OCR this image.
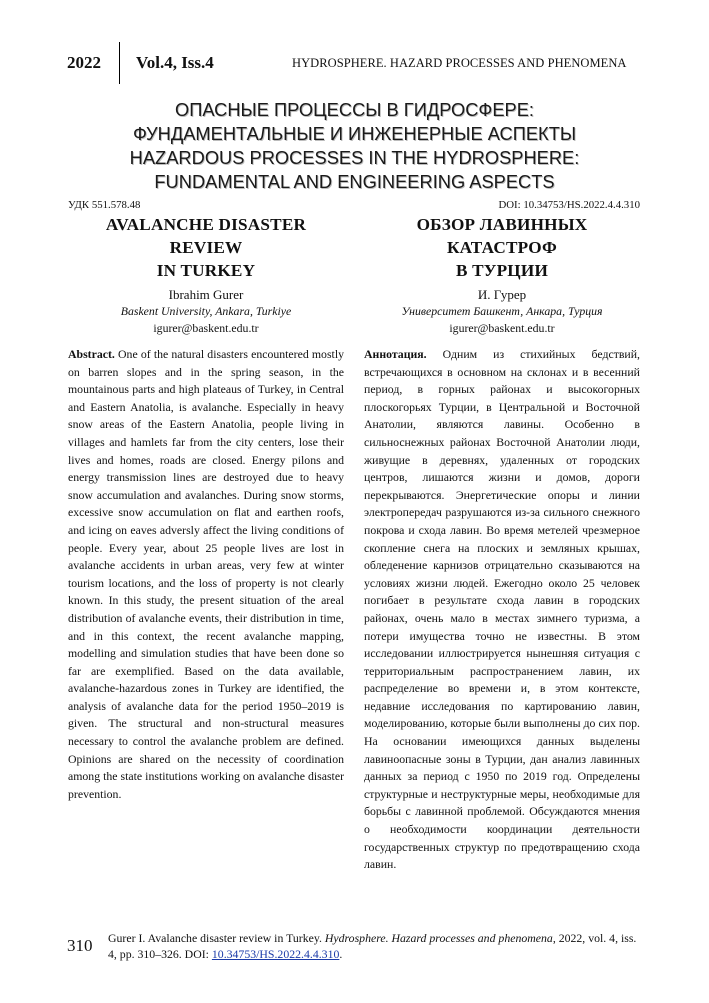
2022 Vol.4, Iss.4	HYDROSPHERE. HAZARD PROCESSES AND PHENOMENA
ОПАСНЫЕ ПРОЦЕССЫ В ГИДРОСФЕРЕ:
ФУНДАМЕНТАЛЬНЫЕ И ИНЖЕНЕРНЫЕ АСПЕКТЫ
HAZARDOUS PROCESSES IN THE HYDROSPHERE:
FUNDAMENTAL AND ENGINEERING ASPECTS
УДК 551.578.48	DOI: 10.34753/HS.2022.4.4.310
AVALANCHE DISASTER REVIEW
IN TURKEY
Ibrahim Gurer
Baskent University, Ankara, Turkiye
igurer@baskent.edu.tr

Abstract. One of the natural disasters encountered mostly on barren slopes and in the spring season, in the mountainous parts and high plateaus of Turkey, in Central and Eastern Anatolia, is avalanche. Especially in heavy snow areas of the Eastern Anatolia, people living in villages and hamlets far from the city centers, lose their lives and homes, roads are closed. Energy pilons and energy transmission lines are destroyed due to heavy snow accumulation and avalanches. During snow storms, excessive snow accumulation on flat and earthen roofs, and icing on eaves adversly affect the living conditions of people. Every year, about 25 people lives are lost in avalanche accidents in urban areas, very few at winter tourism locations, and the loss of property is not clearly known. In this study, the present situation of the areal distribution of avalanche events, their distribution in time, and in this context, the recent avalanche mapping, modelling and simulation studies that have been done so far are exemplified. Based on the data available, avalanche-hazardous zones in Turkey are identified, the analysis of avalanche data for the period 1950–2019 is given. The structural and non-structural measures necessary to control the avalanche problem are defined. Opinions are shared on the necessity of coordination among the state institutions working on avalanche disaster prevention.

ОБЗОР ЛАВИННЫХ КАТАСТРОФ
В ТУРЦИИ
И. Гурер
Университет Башкент, Анкара, Турция
igurer@baskent.edu.tr

Аннотация. Одним из стихийных бедствий, встречающихся в основном на склонах и в весенний период, в горных районах и высокогорных плоскогорьях Турции, в Центральной и Восточной Анатолии, являются лавины. Особенно в сильноснежных районах Восточной Анатолии люди, живущие в деревнях, удаленных от городских центров, лишаются жизни и домов, дороги перекрываются. Энергетические опоры и линии электропередач разрушаются из-за сильного снежного покрова и схода лавин. Во время метелей чрезмерное скопление снега на плоских и земляных крышах, обледенение карнизов отрицательно сказываются на условиях жизни людей. Ежегодно около 25 человек погибает в результате схода лавин в городских районах, очень мало в местах зимнего туризма, а потери имущества точно не известны. В этом исследовании иллюстрируется нынешняя ситуация с территориальным распространением лавин, их распределение во времени и, в этом контексте, недавние исследования по картированию лавин, моделированию, которые были выполнены до сих пор. На основании имеющихся данных выделены лавиноопасные зоны в Турции, дан анализ лавинных данных за период с 1950 по 2019 год. Определены структурные и неструктурные меры, необходимые для борьбы с лавинной проблемой. Обсуждаются мнения о необходимости координации деятельности государственных структур по предотвращению схода лавин.

310 Gurer I. Avalanche disaster review in Turkey. Hydrosphere. Hazard processes and phenomena, 2022, vol. 4, iss. 4, pp. 310–326. DOI: 10.34753/HS.2022.4.4.310.
